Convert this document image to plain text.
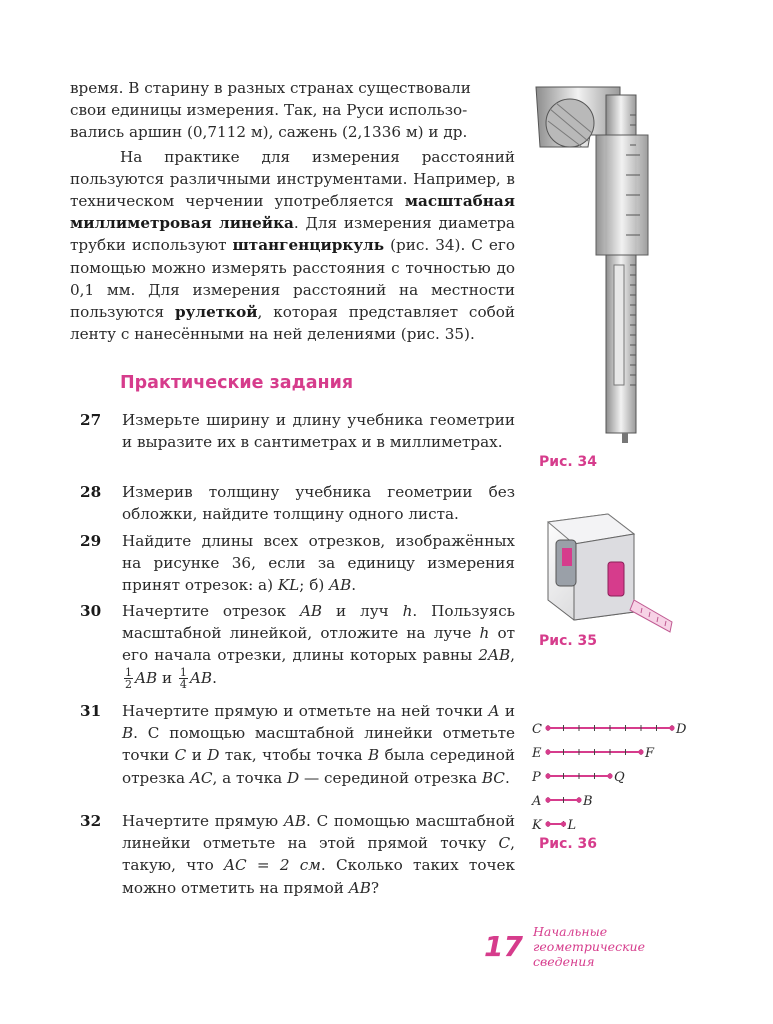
время. В старину в разных странах существовали
свои единицы измерения. Так, на Руси использо-
вались аршин (0,7112 м), сажень (2,1336 м) и др.

На практике для измерения расстояний пользуются различными инструментами. Например, в техническом черчении употребляется масштабная миллиметровая линейка. Для измерения диаметра трубки используют штангенциркуль (рис. 34). С его помощью можно измерять расстояния с точностью до 0,1 мм. Для измерения расстояний на местности пользуются рулеткой, которая представляет собой ленту с нанесёнными на ней делениями (рис. 35).

Практические задания
27 Измерьте ширину и длину учебника геометрии и выразите их в сантиметрах и в миллиметрах.
28 Измерив толщину учебника геометрии без обложки, найдите толщину одного листа.
29 Найдите длины всех отрезков, изображённых на рисунке 36, если за единицу измерения принят отрезок: а) KL; б) AB.
30 Начертите отрезок AB и луч h. Пользуясь масштабной линейкой, отложите на луче h от его начала отрезки, длины которых равны 2AB,
$\frac{1}{2}$ AB и $\frac{1}{4}$ AB.
31 Начертите прямую и отметьте на ней точки A и B. С помощью масштабной линейки отметьте точки C и D так, чтобы точка B была серединой отрезка AC, а точка D — серединой отрезка BC.
32 Начертите прямую AB. С помощью масштабной линейки отметьте на этой прямой точку C, такую, что AC = 2 см. Сколько таких точек можно отметить на прямой AB?
Рис. 34
Рис. 35
C	D
E	F
P	Q
A	B
K L
Рис. 36
17 Начальные
геометрические
сведения
